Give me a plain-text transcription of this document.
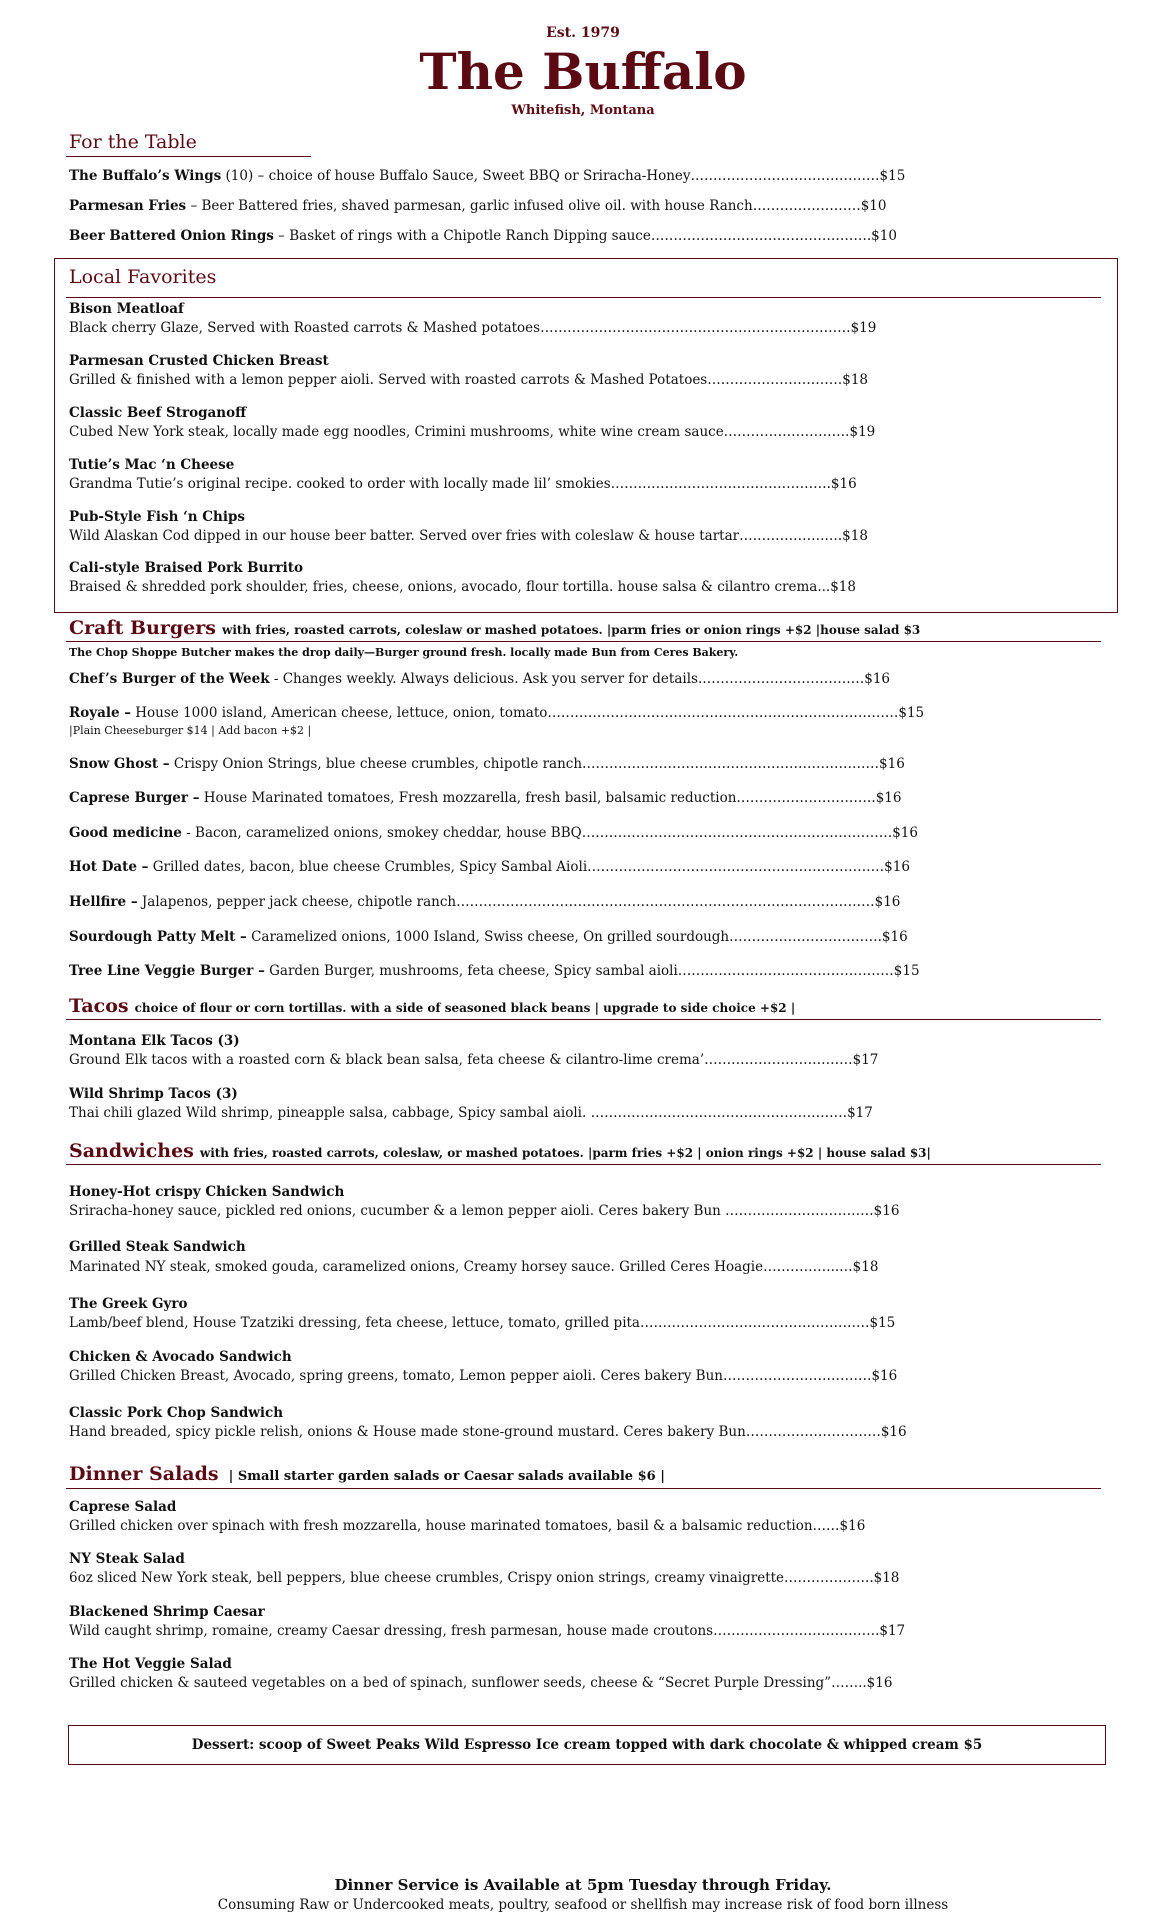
Est. 1979
The Buffalo
Whitefish, Montana
For the Table
The Buffalo’s Wings (10) – choice of house Buffalo Sauce, Sweet BBQ or Sriracha-Honey……………………………………$15
Parmesan Fries – Beer Battered fries, shaved parmesan, garlic infused olive oil. with house Ranch……………………$10
Beer Battered Onion Rings – Basket of rings with a Chipotle Ranch Dipping sauce………………………………………….$10
Local Favorites
Bison Meatloaf
Black cherry Glaze, Served with Roasted carrots & Mashed potatoes……………………………………………………………$19
Parmesan Crusted Chicken Breast
Grilled & finished with a lemon pepper aioli. Served with roasted carrots & Mashed Potatoes…………………………$18
Classic Beef Stroganoff
Cubed New York steak, locally made egg noodles, Crimini mushrooms, white wine cream sauce……………………….$19
Tutie’s Mac ‘n Cheese
Grandma Tutie’s original recipe. cooked to order with locally made lil’ smokies………………………………………….$16
Pub-Style Fish ‘n Chips
Wild Alaskan Cod dipped in our house beer batter. Served over fries with coleslaw & house tartar……………….….$18
Cali-style Braised Pork Burrito
Braised & shredded pork shoulder, fries, cheese, onions, avocado, flour tortilla. house salsa & cilantro crema...$18
Craft Burgers with fries, roasted carrots, coleslaw or mashed potatoes. |parm fries or onion rings +$2 |house salad $3
The Chop Shoppe Butcher makes the drop daily—Burger ground fresh. locally made Bun from Ceres Bakery.
Chef’s Burger of the Week - Changes weekly. Always delicious. Ask you server for details.………………………………$16
Royale – House 1000 island, American cheese, lettuce, onion, tomato……………………………………………………………………$15
|Plain Cheeseburger $14 | Add bacon +$2 |
Snow Ghost – Crispy Onion Strings, blue cheese crumbles, chipotle ranch…………………………………………………………$16
Caprese Burger – House Marinated tomatoes, Fresh mozzarella, fresh basil, balsamic reduction………………………….$16
Good medicine - Bacon, caramelized onions, smokey cheddar, house BBQ……………………………………………………………$16
Hot Date – Grilled dates, bacon, blue cheese Crumbles, Spicy Sambal Aioli…………………………………………………………$16
Hellfire – Jalapenos, pepper jack cheese, chipotle ranch…………………………………………………………………………………$16
Sourdough Patty Melt – Caramelized onions, 1000 Island, Swiss cheese, On grilled sourdough…………………………….$16
Tree Line Veggie Burger – Garden Burger, mushrooms, feta cheese, Spicy sambal aioli…………………………………………$15
Tacos choice of flour or corn tortillas. with a side of seasoned black beans | upgrade to side choice +$2 |
Montana Elk Tacos (3)
Ground Elk tacos with a roasted corn & black bean salsa, feta cheese & cilantro-lime crema’……………………………$17
Wild Shrimp Tacos (3)
Thai chili glazed Wild shrimp, pineapple salsa, cabbage, Spicy sambal aioli. …………………………………………………$17
Sandwiches with fries, roasted carrots, coleslaw, or mashed potatoes. |parm fries +$2 | onion rings +$2 | house salad $3|
Honey-Hot crispy Chicken Sandwich
Sriracha-honey sauce, pickled red onions, cucumber & a lemon pepper aioli. Ceres bakery Bun ……………………………$16
Grilled Steak Sandwich
Marinated NY steak, smoked gouda, caramelized onions, Creamy horsey sauce. Grilled Ceres Hoagie……………..…$18
The Greek Gyro
Lamb/beef blend, House Tzatziki dressing, feta cheese, lettuce, tomato, grilled pita……………………………………………$15
Chicken & Avocado Sandwich
Grilled Chicken Breast, Avocado, spring greens, tomato, Lemon pepper aioli. Ceres bakery Bun……………………………$16
Classic Pork Chop Sandwich
Hand breaded, spicy pickle relish, onions & House made stone-ground mustard. Ceres bakery Bun…………………………$16
Dinner Salads | Small starter garden salads or Caesar salads available $6 |
Caprese Salad
Grilled chicken over spinach with fresh mozzarella, house marinated tomatoes, basil & a balsamic reduction……$16
NY Steak Salad
6oz sliced New York steak, bell peppers, blue cheese crumbles, Crispy onion strings, creamy vinaigrette………………..$18
Blackened Shrimp Caesar
Wild caught shrimp, romaine, creamy Caesar dressing, fresh parmesan, house made croutons……………………………….$17
The Hot Veggie Salad
Grilled chicken & sauteed vegetables on a bed of spinach, sunflower seeds, cheese & “Secret Purple Dressing”……..$16
Dessert: scoop of Sweet Peaks Wild Espresso Ice cream topped with dark chocolate & whipped cream $5
Dinner Service is Available at 5pm Tuesday through Friday.
Consuming Raw or Undercooked meats, poultry, seafood or shellfish may increase risk of food born illness
